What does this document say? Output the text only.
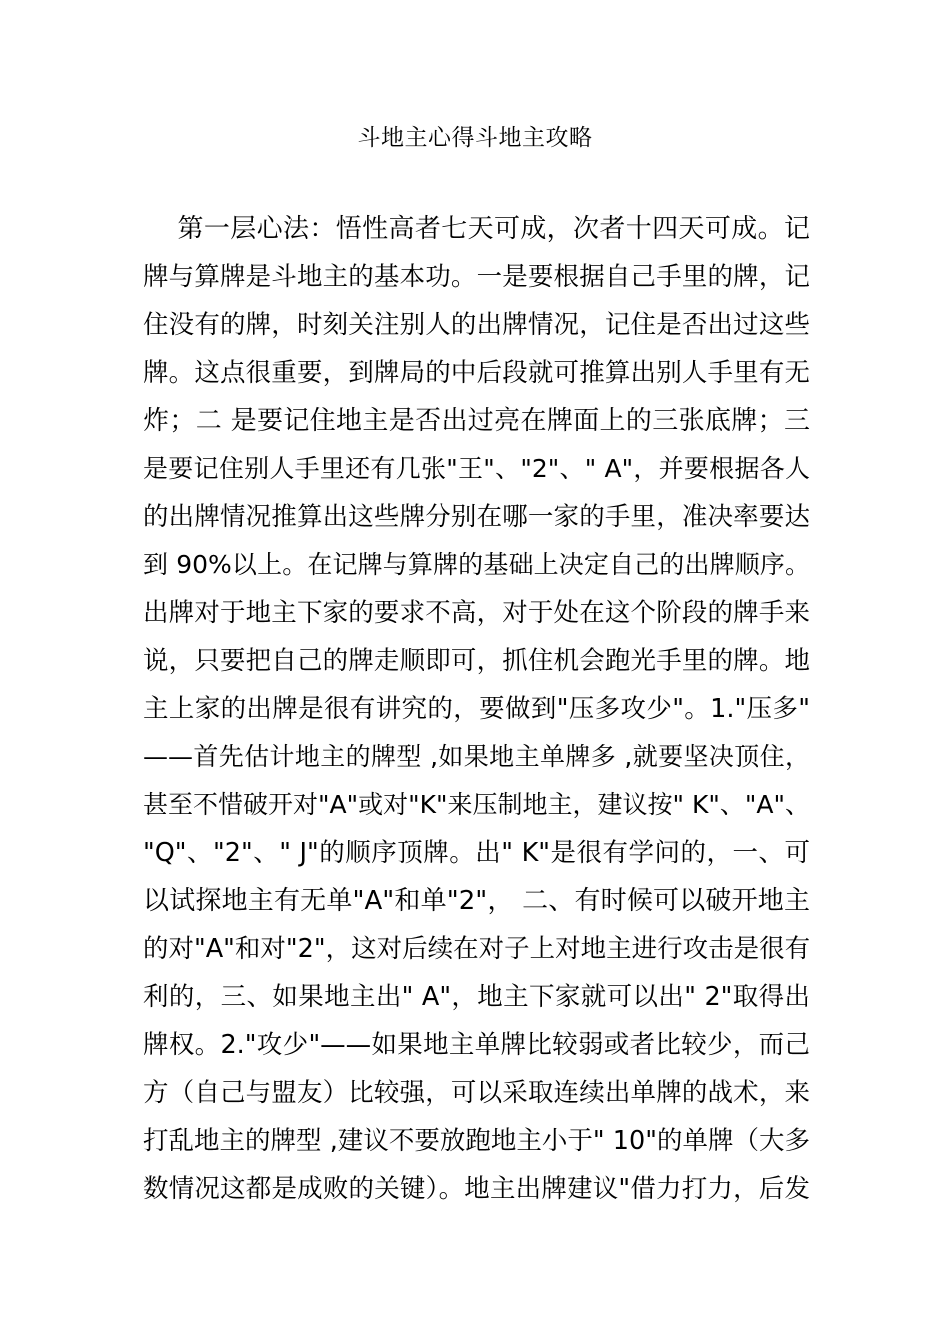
斗地主心得斗地主攻略
第一层心法：悟性高者七天可成，次者十四天可成。记
牌与算牌是斗地主的基本功。一是要根据自己手里的牌，记
住没有的牌，时刻关注别人的出牌情况，记住是否出过这些
牌。这点很重要，到牌局的中后段就可推算出别人手里有无
炸；二 是要记住地主是否出过亮在牌面上的三张底牌；三
是要记住别人手里还有几张"王"、"2"、" A"，并要根据各人
的出牌情况推算出这些牌分别在哪一家的手里，准决率要达
到 90%以上。在记牌与算牌的基础上决定自己的出牌顺序。
出牌对于地主下家的要求不高，对于处在这个阶段的牌手来
说，只要把自己的牌走顺即可，抓住机会跑光手里的牌。地
主上家的出牌是很有讲究的，要做到"压多攻少"。1."压多"
——首先估计地主的牌型 ,如果地主单牌多 ,就要坚决顶住，
甚至不惜破开对"A"或对"K"来压制地主，建议按" K"、"A"、
"Q"、"2"、" J"的顺序顶牌。出" K"是很有学问的，一、可
以试探地主有无单"A"和单"2"， 二、有时候可以破开地主
的对"A"和对"2"，这对后续在对子上对地主进行攻击是很有
利的，三、如果地主出" A"，地主下家就可以出" 2"取得出
牌权。2."攻少"——如果地主单牌比较弱或者比较少，而己
方（自己与盟友）比较强，可以采取连续出单牌的战术，来
打乱地主的牌型 ,建议不要放跑地主小于" 10"的单牌（大多
数情况这都是成败的关键）。地主出牌建议"借力打力，后发
